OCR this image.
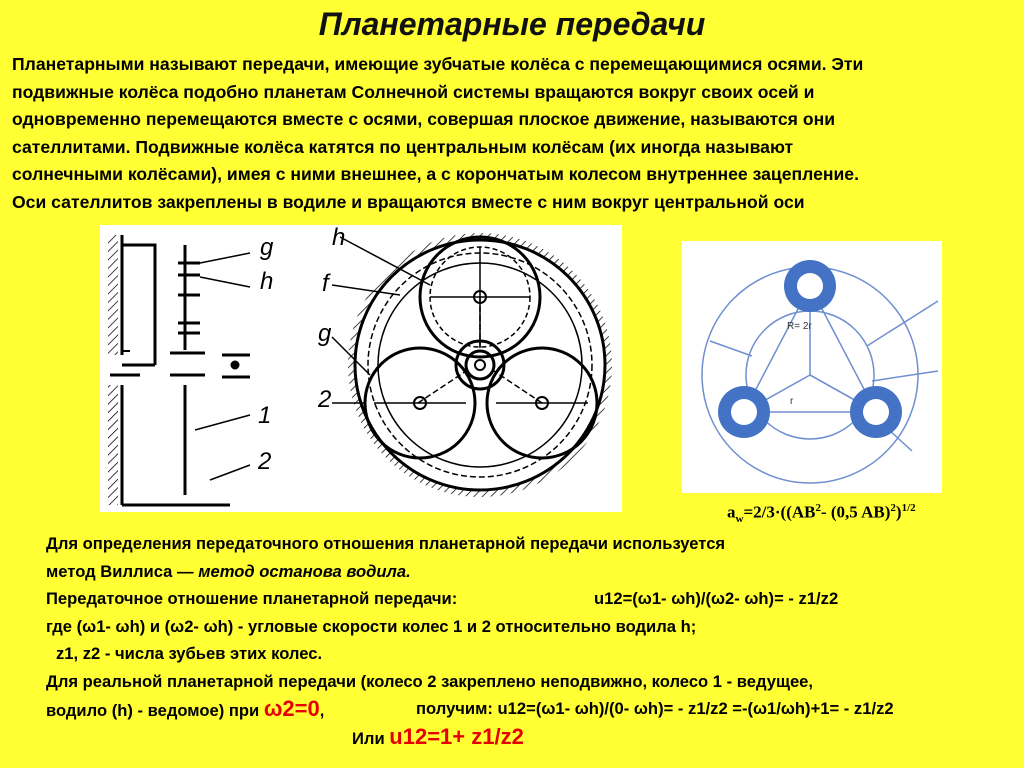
Планетарные передачи
Планетарными называют передачи, имеющие зубчатые колёса с перемещающимися осями. Эти
подвижные колёса подобно планетам Солнечной системы вращаются вокруг своих осей и
одновременно перемещаются вместе с осями, совершая плоское движение, называются они
сателлитами. Подвижные колёса катятся по центральным колёсам (их иногда называют
солнечными колёсами), имея с ними внешнее, а с корончатым колесом внутреннее зацепление.
Оси сателлитов закреплены в водиле и вращаются вместе с ним вокруг центральной оси
g
h
1
2
h
f
g
2
R= 2r
r
$a_w=2/3\cdot((AB^2-$ (0,5 AB)$^2$)$^{1/2}$
Для определения передаточного отношения планетарной передачи используется
метод Виллиса — метод останова водила.
Передаточное отношение планетарной передачи:	u12=(ω1- ωh)/(ω2- ωh)= - z1/z2
где (ω1- ωh) и (ω2- ωh) - угловые скорости колес 1 и 2 относительно водила h;
z1, z2 - числа зубьев этих колес.
Для реальной планетарной передачи (колесо 2 закреплено неподвижно, колесо 1 - ведущее,
водило (h) - ведомое) при ω2=0,	получим: u12=(ω1- ωh)/(0- ωh)= - z1/z2 =-(ω1/ωh)+1= - z1/z2
Или u12=1+ z1/z2
